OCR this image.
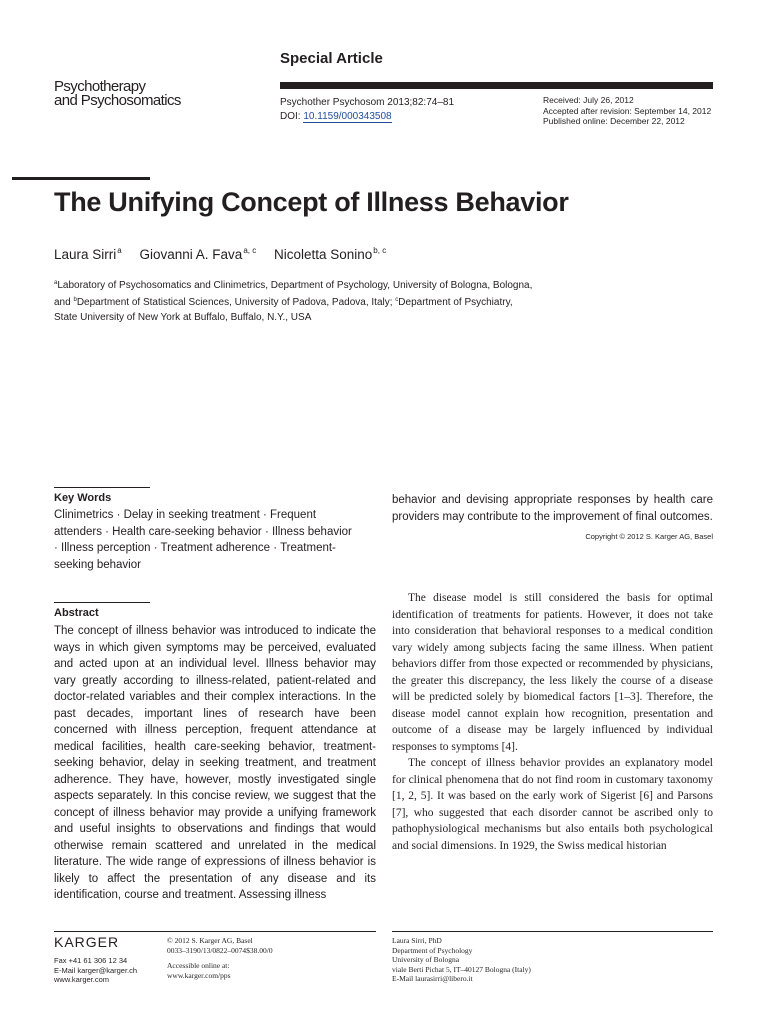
Psychotherapy
and Psychosomatics
Special Article
Psychother Psychosom 2013;82:74–81
DOI: 10.1159/000343508
Received: July 26, 2012
Accepted after revision: September 14, 2012
Published online: December 22, 2012
The Unifying Concept of Illness Behavior
Laura Sirri$^a$ Giovanni A. Fava$^{a, c}$ Nicoletta Sonino$^{b, c}$
$^a$Laboratory of Psychosomatics and Clinimetrics, Department of Psychology, University of Bologna, Bologna,
and $^b$Department of Statistical Sciences, University of Padova, Padova, Italy; $^c$Department of Psychiatry,
State University of New York at Buffalo, Buffalo, N.Y., USA
Key Words
Clinimetrics · Delay in seeking treatment · Frequent attenders · Health care-seeking behavior · Illness behavior · Illness perception · Treatment adherence · Treatment-seeking behavior
Abstract
The concept of illness behavior was introduced to indicate the ways in which given symptoms may be perceived, evaluated and acted upon at an individual level. Illness behavior may vary greatly according to illness-related, patient-related and doctor-related variables and their complex interactions. In the past decades, important lines of research have been concerned with illness perception, frequent attendance at medical facilities, health care-seeking behavior, treatment-seeking behavior, delay in seeking treatment, and treatment adherence. They have, however, mostly investigated single aspects separately. In this concise review, we suggest that the concept of illness behavior may provide a unifying framework and useful insights to observations and findings that would otherwise remain scattered and unrelated in the medical literature. The wide range of expressions of illness behavior is likely to affect the presentation of any disease and its identification, course and treatment. Assessing illness
behavior and devising appropriate responses by health care providers may contribute to the improvement of final outcomes.
Copyright © 2012 S. Karger AG, Basel

The disease model is still considered the basis for optimal identification of treatments for patients. However, it does not take into consideration that behavioral responses to a medical condition vary widely among subjects facing the same illness. When patient behaviors differ from those expected or recommended by physicians, the greater this discrepancy, the less likely the course of a disease will be predicted solely by biomedical factors [1–3]. Therefore, the disease model cannot explain how recognition, presentation and outcome of a disease may be largely influenced by individual responses to symptoms [4].

The concept of illness behavior provides an explanatory model for clinical phenomena that do not find room in customary taxonomy [1, 2, 5]. It was based on the early work of Sigerist [6] and Parsons [7], who suggested that each disorder cannot be ascribed only to pathophysiological mechanisms but also entails both psychological and social dimensions. In 1929, the Swiss medical historian

KARGER
Fax +41 61 306 12 34
E-Mail karger@karger.ch
www.karger.com
© 2012 S. Karger AG, Basel
0033–3190/13/0822–0074$38.00/0
Accessible online at:
www.karger.com/pps
Laura Sirri, PhD
Department of Psychology
University of Bologna
viale Berti Pichat 5, IT–40127 Bologna (Italy)
E-Mail laurasirri@libero.it
